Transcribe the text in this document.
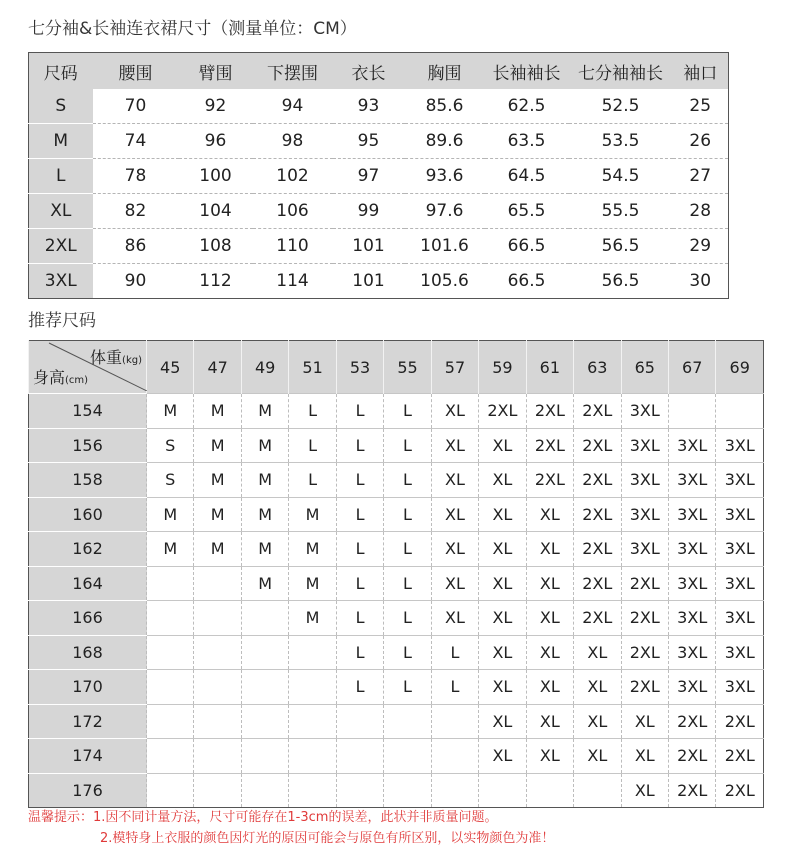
七分袖&长袖连衣裙尺寸（测量单位：CM）
尺码	腰围	臂围	下摆围	衣长	胸围	长袖袖长	七分袖袖长	袖口
S	70	92	94	93	85.6	62.5	52.5	25
M	74	96	98	95	89.6	63.5	53.5	26
L	78	100	102	97	93.6	64.5	54.5	27
XL	82	104	106	99	97.6	65.5	55.5	28
2XL	86	108	110	101	101.6	66.5	56.5	29
3XL	90	112	114	101	105.6	66.5	56.5	30
推荐尺码
体重(kg)
身高(cm)	45	47	49	51	53	55	57	59	61	63	65	67	69
154	M	M	M	L	L	L	XL	2XL	2XL	2XL	3XL		
156	S	M	M	L	L	L	XL	XL	2XL	2XL	3XL	3XL	3XL
158	S	M	M	L	L	L	XL	XL	2XL	2XL	3XL	3XL	3XL
160	M	M	M	M	L	L	XL	XL	XL	2XL	3XL	3XL	3XL
162	M	M	M	M	L	L	XL	XL	XL	2XL	3XL	3XL	3XL
164			M	M	L	L	XL	XL	XL	2XL	2XL	3XL	3XL
166				M	L	L	XL	XL	XL	2XL	2XL	3XL	3XL
168					L	L	L	XL	XL	XL	2XL	3XL	3XL
170					L	L	L	XL	XL	XL	2XL	3XL	3XL
172								XL	XL	XL	XL	2XL	2XL
174								XL	XL	XL	XL	2XL	2XL
176											XL	2XL	2XL
温馨提示：1.因不同计量方法，尺寸可能存在1-3cm的误差，此状并非质量问题。
2.模特身上衣服的颜色因灯光的原因可能会与原色有所区别，以实物颜色为准！
